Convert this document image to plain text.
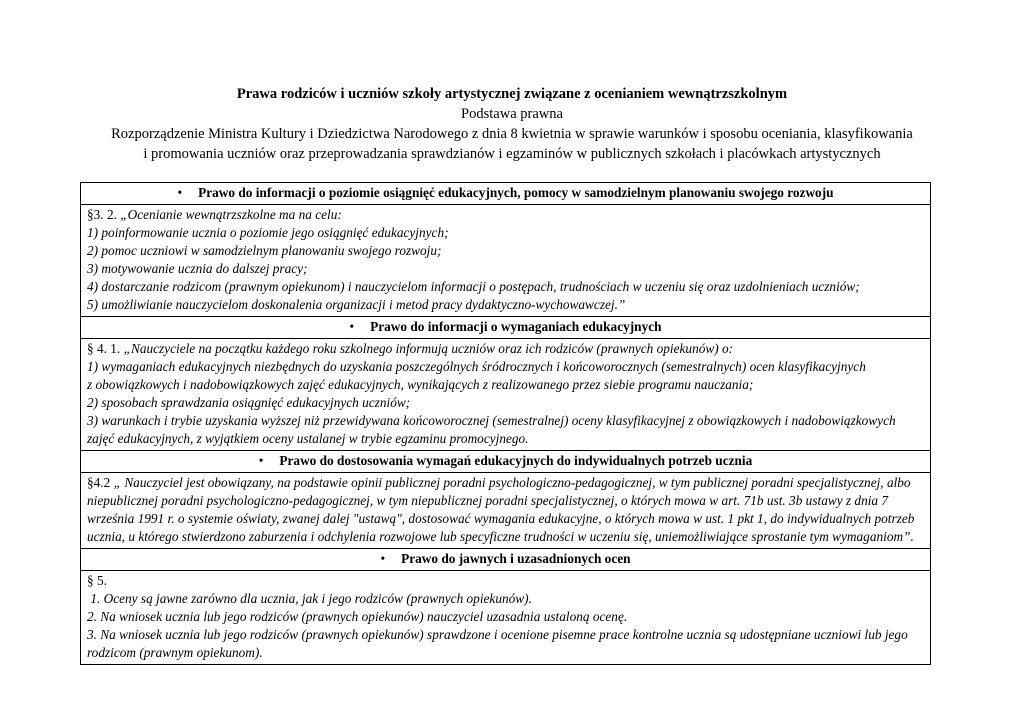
Prawa rodziców i uczniów szkoły artystycznej związane z ocenianiem wewnątrzszkolnym
Podstawa prawna
Rozporządzenie Ministra Kultury i Dziedzictwa Narodowego z dnia 8 kwietnia w sprawie warunków i sposobu oceniania, klasyfikowania
i promowania uczniów oraz przeprowadzania sprawdzianów i egzaminów w publicznych szkołach i placówkach artystycznych
• Prawo do informacji o poziomie osiągnięć edukacyjnych, pomocy w samodzielnym planowaniu swojego rozwoju

§3. 2. „Ocenianie wewnątrzszkolne ma na celu:
1) poinformowanie ucznia o poziomie jego osiągnięć edukacyjnych;
2) pomoc uczniowi w samodzielnym planowaniu swojego rozwoju;
3) motywowanie ucznia do dalszej pracy;
4) dostarczanie rodzicom (prawnym opiekunom) i nauczycielom informacji o postępach, trudnościach w uczeniu się oraz uzdolnieniach uczniów;
5) umożliwianie nauczycielom doskonalenia organizacji i metod pracy dydaktyczno-wychowawczej.”

• Prawo do informacji o wymaganiach edukacyjnych

§ 4. 1. „Nauczyciele na początku każdego roku szkolnego informują uczniów oraz ich rodziców (prawnych opiekunów) o:
1) wymaganiach edukacyjnych niezbędnych do uzyskania poszczególnych śródrocznych i końcoworocznych (semestralnych) ocen klasyfikacyjnych
z obowiązkowych i nadobowiązkowych zajęć edukacyjnych, wynikających z realizowanego przez siebie programu nauczania;
2) sposobach sprawdzania osiągnięć edukacyjnych uczniów;
3) warunkach i trybie uzyskania wyższej niż przewidywana końcoworocznej (semestralnej) oceny klasyfikacyjnej z obowiązkowych i nadobowiązkowych
zajęć edukacyjnych, z wyjątkiem oceny ustalanej w trybie egzaminu promocyjnego.

• Prawo do dostosowania wymagań edukacyjnych do indywidualnych potrzeb ucznia

§4.2 „ Nauczyciel jest obowiązany, na podstawie opinii publicznej poradni psychologiczno-pedagogicznej, w tym publicznej poradni specjalistycznej, albo
niepublicznej poradni psychologiczno-pedagogicznej, w tym niepublicznej poradni specjalistycznej, o których mowa w art. 71b ust. 3b ustawy z dnia 7
września 1991 r. o systemie oświaty, zwanej dalej "ustawą", dostosować wymagania edukacyjne, o których mowa w ust. 1 pkt 1, do indywidualnych potrzeb
ucznia, u którego stwierdzono zaburzenia i odchylenia rozwojowe lub specyficzne trudności w uczeniu się, uniemożliwiające sprostanie tym wymaganiom”.

• Prawo do jawnych i uzasadnionych ocen

§ 5.
1. Oceny są jawne zarówno dla ucznia, jak i jego rodziców (prawnych opiekunów).
2. Na wniosek ucznia lub jego rodziców (prawnych opiekunów) nauczyciel uzasadnia ustaloną ocenę.
3. Na wniosek ucznia lub jego rodziców (prawnych opiekunów) sprawdzone i ocenione pisemne prace kontrolne ucznia są udostępniane uczniowi lub jego
rodzicom (prawnym opiekunom).
